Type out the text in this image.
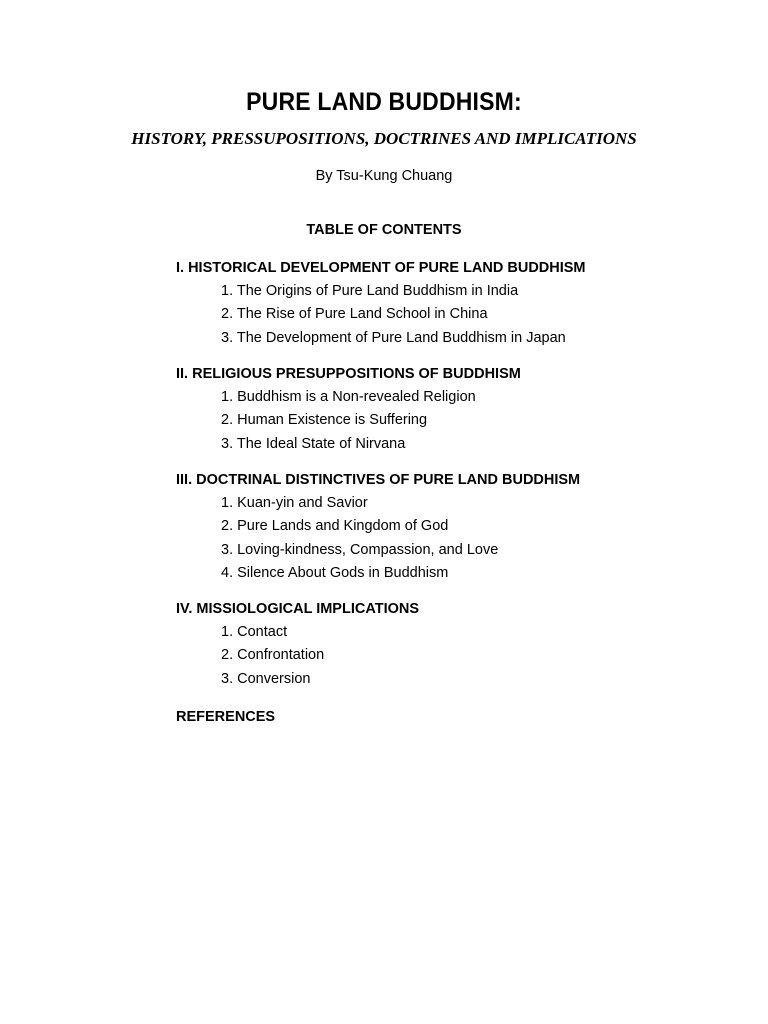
PURE LAND BUDDHISM:
HISTORY, PRESSUPOSITIONS, DOCTRINES AND IMPLICATIONS
By Tsu-Kung Chuang
TABLE OF CONTENTS
I. HISTORICAL DEVELOPMENT OF PURE LAND BUDDHISM
1. The Origins of Pure Land Buddhism in India
2. The Rise of Pure Land School in China
3. The Development of Pure Land Buddhism in Japan
II. RELIGIOUS PRESUPPOSITIONS OF BUDDHISM
1. Buddhism is a Non-revealed Religion
2. Human Existence is Suffering
3. The Ideal State of Nirvana
III. DOCTRINAL DISTINCTIVES OF PURE LAND BUDDHISM
1. Kuan-yin and Savior
2. Pure Lands and Kingdom of God
3. Loving-kindness, Compassion, and Love
4. Silence About Gods in Buddhism
IV. MISSIOLOGICAL IMPLICATIONS
1. Contact
2. Confrontation
3. Conversion
REFERENCES
